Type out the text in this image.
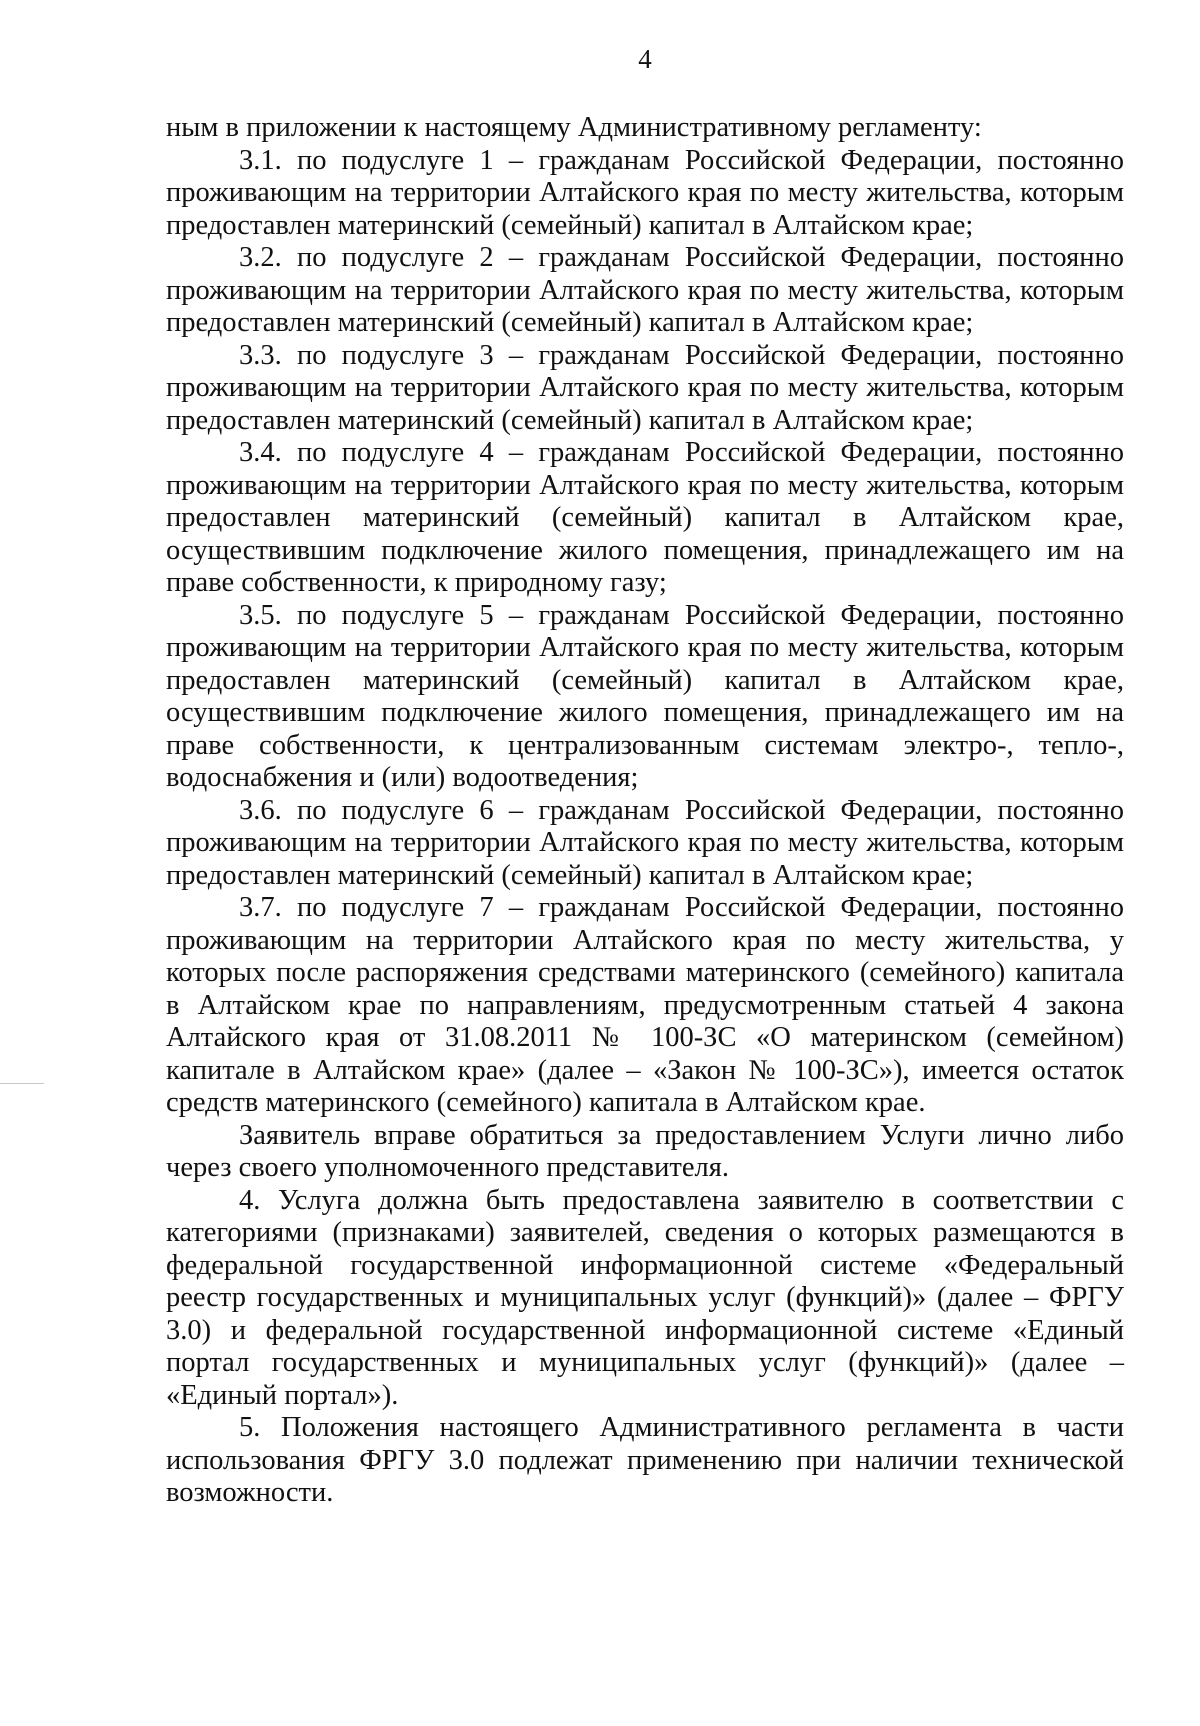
4

ным в приложении к настоящему Административному регламенту:

3.1. по подуслуге 1 – гражданам Российской Федерации, постоянно проживающим на территории Алтайского края по месту жительства, которым предоставлен материнский (семейный) капитал в Алтайском крае;

3.2. по подуслуге 2 – гражданам Российской Федерации, постоянно проживающим на территории Алтайского края по месту жительства, которым предоставлен материнский (семейный) капитал в Алтайском крае;

3.3. по подуслуге 3 – гражданам Российской Федерации, постоянно проживающим на территории Алтайского края по месту жительства, которым предоставлен материнский (семейный) капитал в Алтайском крае;

3.4. по подуслуге 4 – гражданам Российской Федерации, постоянно проживающим на территории Алтайского края по месту жительства, которым предоставлен материнский (семейный) капитал в Алтайском крае, осуществившим подключение жилого помещения, принадлежащего им на праве собственности, к природному газу;

3.5. по подуслуге 5 – гражданам Российской Федерации, постоянно проживающим на территории Алтайского края по месту жительства, которым предоставлен материнский (семейный) капитал в Алтайском крае, осуществившим подключение жилого помещения, принадлежащего им на праве собственности, к централизованным системам электро-, тепло-, водоснабжения и (или) водоотведения;

3.6. по подуслуге 6 – гражданам Российской Федерации, постоянно проживающим на территории Алтайского края по месту жительства, которым предоставлен материнский (семейный) капитал в Алтайском крае;

3.7. по подуслуге 7 – гражданам Российской Федерации, постоянно проживающим на территории Алтайского края по месту жительства, у которых после распоряжения средствами материнского (семейного) капитала в Алтайском крае по направлениям, предусмотренным статьей 4 закона Алтайского края от 31.08.2011 № 100-ЗС «О материнском (семейном) капитале в Алтайском крае» (далее – «Закон № 100-ЗС»), имеется остаток средств материнского (семейного) капитала в Алтайском крае.

Заявитель вправе обратиться за предоставлением Услуги лично либо через своего уполномоченного представителя.

4. Услуга должна быть предоставлена заявителю в соответствии с категориями (признаками) заявителей, сведения о которых размещаются в федеральной государственной информационной системе «Федеральный реестр государственных и муниципальных услуг (функций)» (далее – ФРГУ 3.0) и федеральной государственной информационной системе «Единый портал государственных и муниципальных услуг (функций)» (далее – «Единый портал»).

5. Положения настоящего Административного регламента в части использования ФРГУ 3.0 подлежат применению при наличии технической возможности.
